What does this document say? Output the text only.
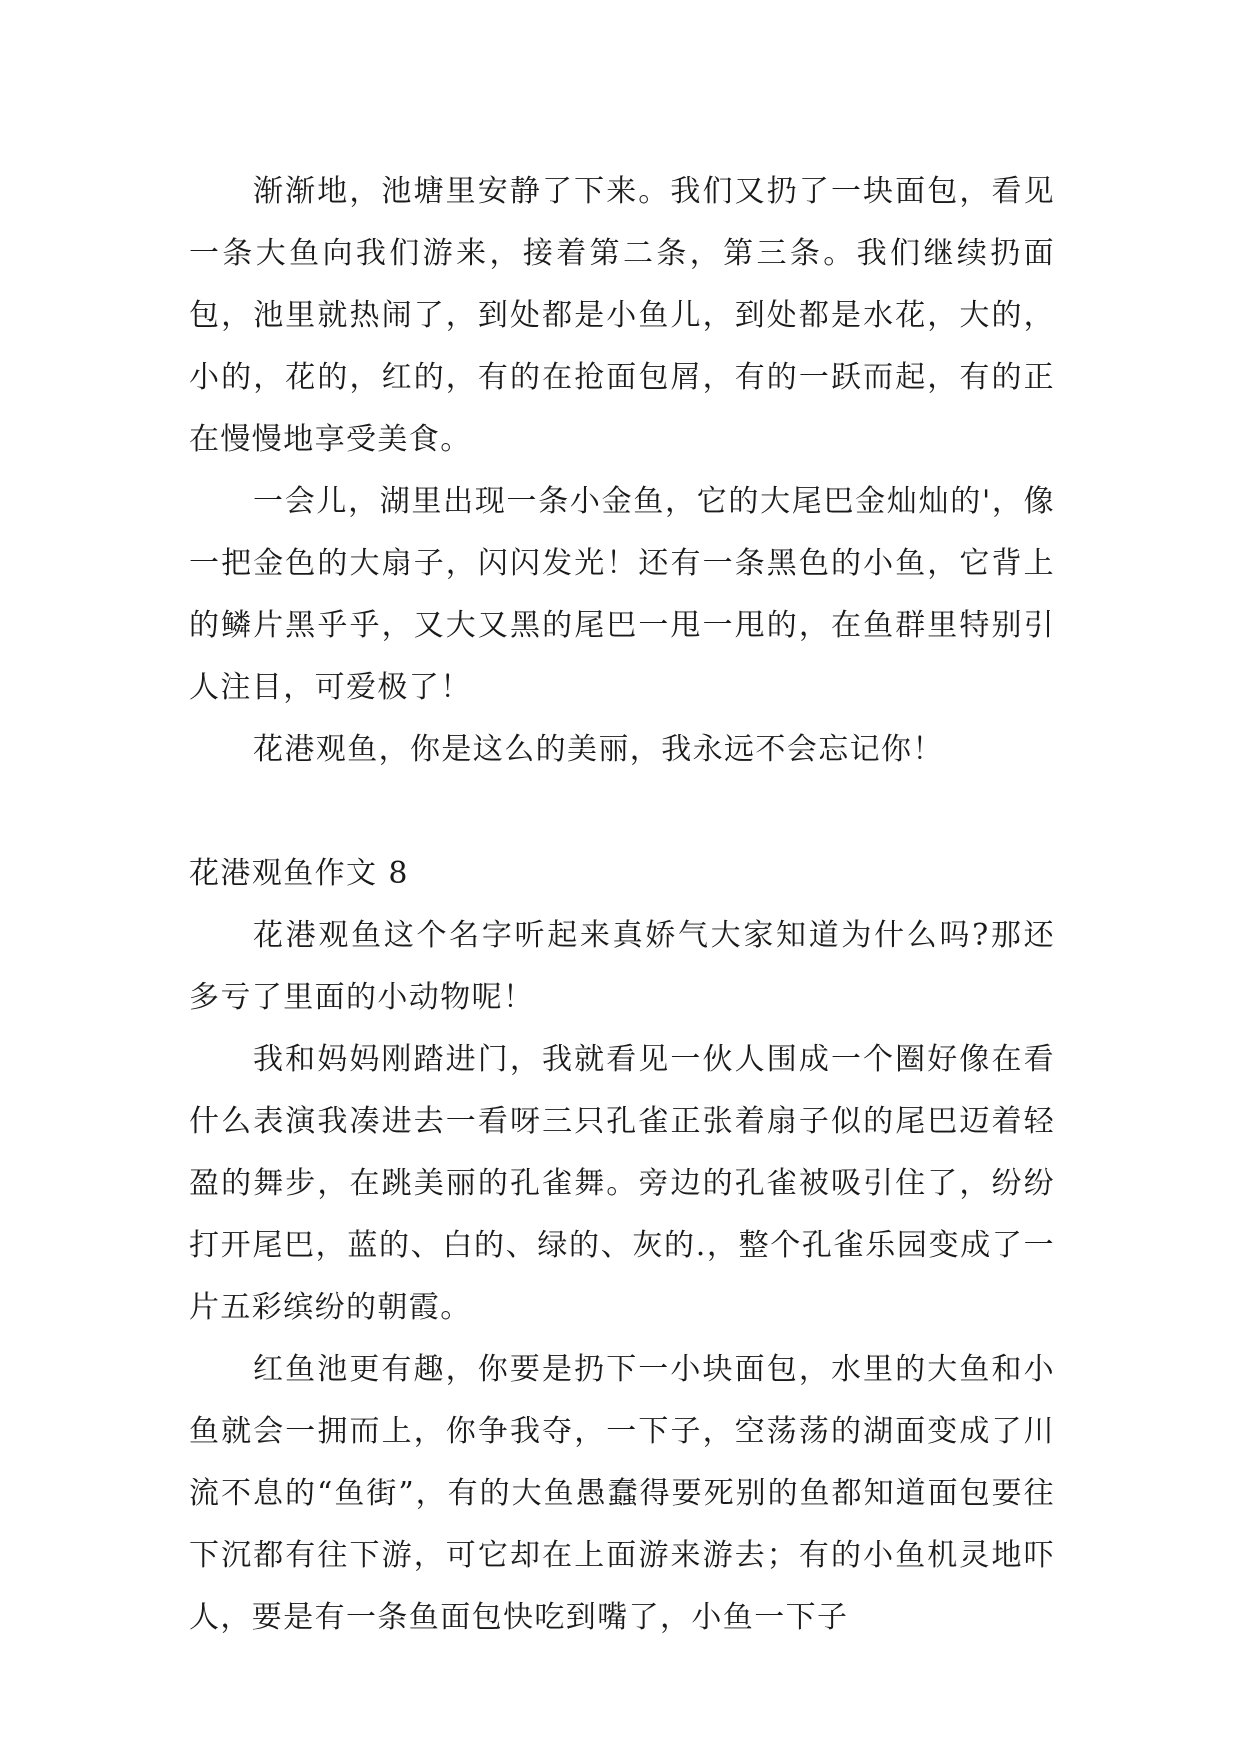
渐渐地，池塘里安静了下来。我们又扔了一块面包，看见一条大鱼向我们游来，接着第二条，第三条。我们继续扔面包，池里就热闹了，到处都是小鱼儿，到处都是水花，大的，小的，花的，红的，有的在抢面包屑，有的一跃而起，有的正在慢慢地享受美食。

一会儿，湖里出现一条小金鱼，它的大尾巴金灿灿的'，像一把金色的大扇子，闪闪发光！还有一条黑色的小鱼，它背上的鳞片黑乎乎，又大又黑的尾巴一甩一甩的，在鱼群里特别引人注目，可爱极了！

花港观鱼，你是这么的美丽，我永远不会忘记你！

花港观鱼作文 8

花港观鱼这个名字听起来真娇气大家知道为什么吗?那还多亏了里面的小动物呢！

我和妈妈刚踏进门，我就看见一伙人围成一个圈好像在看什么表演我凑进去一看呀三只孔雀正张着扇子似的尾巴迈着轻盈的舞步，在跳美丽的孔雀舞。旁边的孔雀被吸引住了，纷纷打开尾巴，蓝的、白的、绿的、灰的.，整个孔雀乐园变成了一片五彩缤纷的朝霞。

红鱼池更有趣，你要是扔下一小块面包，水里的大鱼和小鱼就会一拥而上，你争我夺，一下子，空荡荡的湖面变成了川流不息的“鱼街”，有的大鱼愚蠢得要死别的鱼都知道面包要往下沉都有往下游，可它却在上面游来游去；有的小鱼机灵地吓人，要是有一条鱼面包快吃到嘴了，小鱼一下子
